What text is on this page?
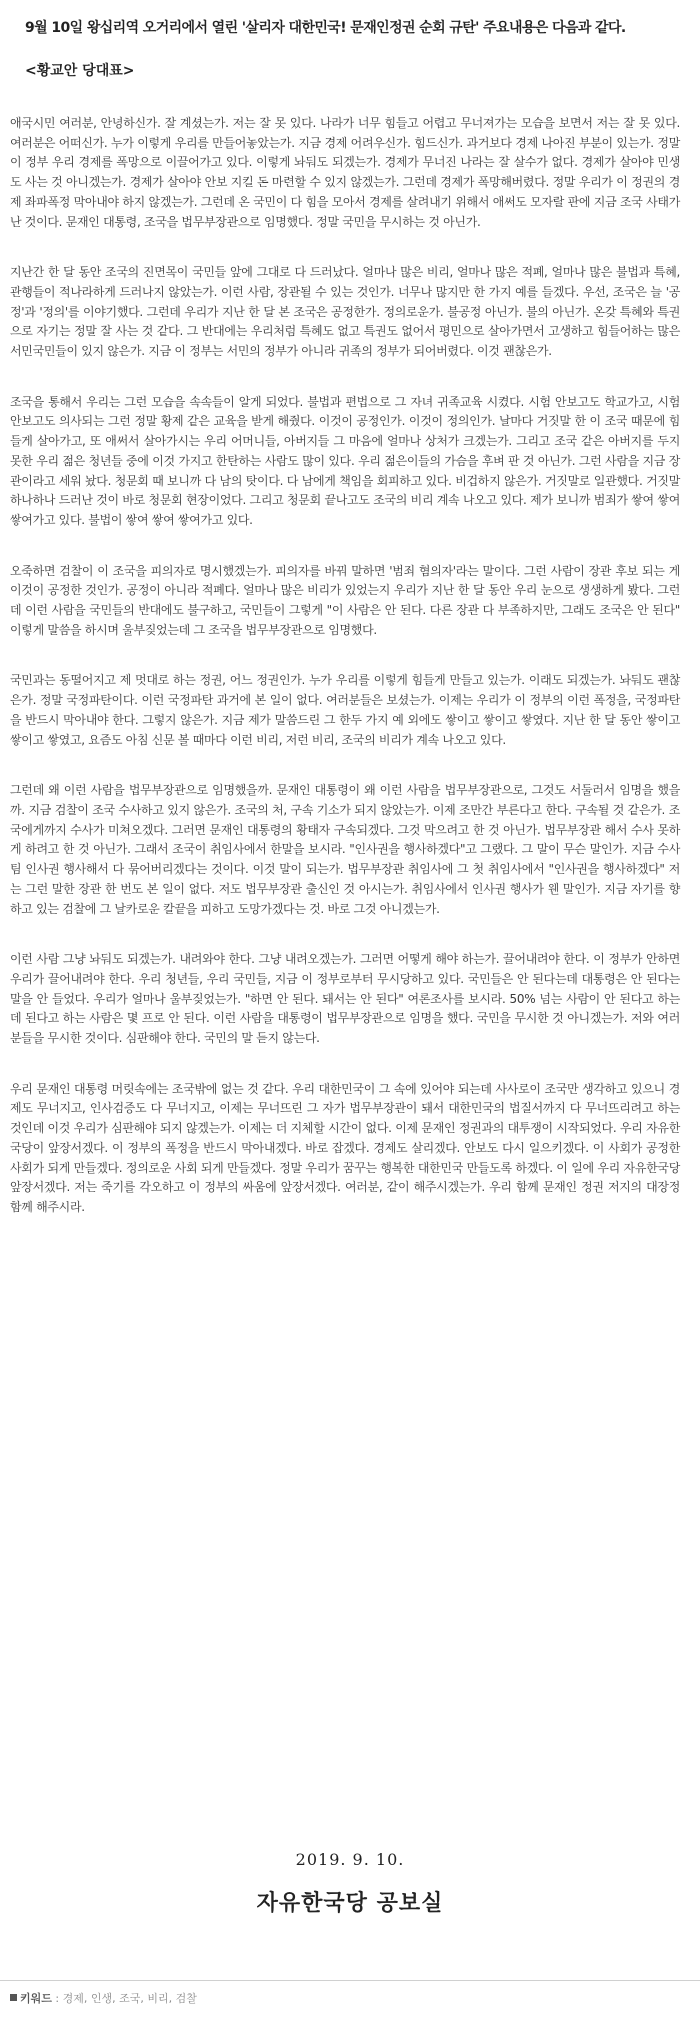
9월 10일 왕십리역 오거리에서 열린 '살리자 대한민국! 문재인정권 순회 규탄' 주요내용은 다음과 같다.
<황교안 당대표>

애국시민 여러분, 안녕하신가. 잘 계셨는가. 저는 잘 못 있다. 나라가 너무 힘들고 어렵고 무너져가는 모습을 보면서 저는 잘 못 있다. 여러분은 어떠신가. 누가 이렇게 우리를 만들어놓았는가. 지금 경제 어려우신가. 힘드신가. 과거보다 경제 나아진 부분이 있는가. 정말 이 정부 우리 경제를 폭망으로 이끌어가고 있다. 이렇게 놔둬도 되겠는가. 경제가 무너진 나라는 잘 살수가 없다. 경제가 살아야 민생도 사는 것 아니겠는가. 경제가 살아야 안보 지킬 돈 마련할 수 있지 않겠는가. 그런데 경제가 폭망해버렸다. 정말 우리가 이 정권의 경제 좌파폭정 막아내야 하지 않겠는가. 그런데 온 국민이 다 힘을 모아서 경제를 살려내기 위해서 애써도 모자랄 판에 지금 조국 사태가 난 것이다. 문재인 대통령, 조국을 법무부장관으로 임명했다. 정말 국민을 무시하는 것 아닌가.

지난간 한 달 동안 조국의 진면목이 국민들 앞에 그대로 다 드러났다. 얼마나 많은 비리, 얼마나 많은 적폐, 얼마나 많은 불법과 특혜, 관행들이 적나라하게 드러나지 않았는가. 이런 사람, 장관될 수 있는 것인가. 너무나 많지만 한 가지 예를 들겠다. 우선, 조국은 늘 '공정'과 '정의'를 이야기했다. 그런데 우리가 지난 한 달 본 조국은 공정한가. 정의로운가. 불공정 아닌가. 불의 아닌가. 온갖 특혜와 특권으로 자기는 정말 잘 사는 것 같다. 그 반대에는 우리처럼 특혜도 없고 특권도 없어서 평민으로 살아가면서 고생하고 힘들어하는 많은 서민국민들이 있지 않은가. 지금 이 정부는 서민의 정부가 아니라 귀족의 정부가 되어버렸다. 이것 괜찮은가.

조국을 통해서 우리는 그런 모습을 속속들이 알게 되었다. 불법과 편법으로 그 자녀 귀족교육 시켰다. 시험 안보고도 학교가고, 시험 안보고도 의사되는 그런 정말 황제 같은 교육을 받게 해줬다. 이것이 공정인가. 이것이 정의인가. 날마다 거짓말 한 이 조국 때문에 힘들게 살아가고, 또 애써서 살아가시는 우리 어머니들, 아버지들 그 마음에 얼마나 상처가 크겠는가. 그리고 조국 같은 아버지를 두지 못한 우리 젊은 청년들 중에 이것 가지고 한탄하는 사람도 많이 있다. 우리 젊은이들의 가슴을 후벼 판 것 아닌가. 그런 사람을 지금 장관이라고 세워 놨다. 청문회 때 보니까 다 남의 탓이다. 다 남에게 책임을 회피하고 있다. 비겁하지 않은가. 거짓말로 일관했다. 거짓말 하나하나 드러난 것이 바로 청문회 현장이었다. 그리고 청문회 끝나고도 조국의 비리 계속 나오고 있다. 제가 보니까 범죄가 쌓여 쌓여 쌓여가고 있다. 불법이 쌓여 쌓여 쌓여가고 있다.

오죽하면 검찰이 이 조국을 피의자로 명시했겠는가. 피의자를 바꿔 말하면 '범죄 혐의자'라는 말이다. 그런 사람이 장관 후보 되는 게 이것이 공정한 것인가. 공정이 아니라 적폐다. 얼마나 많은 비리가 있었는지 우리가 지난 한 달 동안 우리 눈으로 생생하게 봤다. 그런데 이런 사람을 국민들의 반대에도 불구하고, 국민들이 그렇게 "이 사람은 안 된다. 다른 장관 다 부족하지만, 그래도 조국은 안 된다" 이렇게 말씀을 하시며 울부짖었는데 그 조국을 법무부장관으로 임명했다.

국민과는 동떨어지고 제 멋대로 하는 정권, 어느 정권인가. 누가 우리를 이렇게 힘들게 만들고 있는가. 이래도 되겠는가. 놔둬도 괜찮은가. 정말 국정파탄이다. 이런 국정파탄 과거에 본 일이 없다. 여러분들은 보셨는가. 이제는 우리가 이 정부의 이런 폭정을, 국정파탄을 반드시 막아내야 한다. 그렇지 않은가. 지금 제가 말씀드린 그 한두 가지 예 외에도 쌓이고 쌓이고 쌓였다. 지난 한 달 동안 쌓이고 쌓이고 쌓였고, 요즘도 아침 신문 볼 때마다 이런 비리, 저런 비리, 조국의 비리가 계속 나오고 있다.

그런데 왜 이런 사람을 법무부장관으로 임명했을까. 문재인 대통령이 왜 이런 사람을 법무부장관으로, 그것도 서둘러서 임명을 했을까. 지금 검찰이 조국 수사하고 있지 않은가. 조국의 처, 구속 기소가 되지 않았는가. 이제 조만간 부른다고 한다. 구속될 것 같은가. 조국에게까지 수사가 미쳐오겠다. 그러면 문재인 대통령의 황태자 구속되겠다. 그것 막으려고 한 것 아닌가. 법무부장관 해서 수사 못하게 하려고 한 것 아닌가. 그래서 조국이 취임사에서 한말을 보시라. "인사권을 행사하겠다"고 그랬다. 그 말이 무슨 말인가. 지금 수사팀 인사권 행사해서 다 묶어버리겠다는 것이다. 이것 말이 되는가. 법무부장관 취임사에 그 첫 취임사에서 "인사권을 행사하겠다" 저는 그런 말한 장관 한 번도 본 일이 없다. 저도 법무부장관 출신인 것 아시는가. 취임사에서 인사권 행사가 웬 말인가. 지금 자기를 향하고 있는 검찰에 그 날카로운 칼끝을 피하고 도망가겠다는 것. 바로 그것 아니겠는가.

이런 사람 그냥 놔둬도 되겠는가. 내려와야 한다. 그냥 내려오겠는가. 그러면 어떻게 해야 하는가. 끌어내려야 한다. 이 정부가 안하면 우리가 끌어내려야 한다. 우리 청년들, 우리 국민들, 지금 이 정부로부터 무시당하고 있다. 국민들은 안 된다는데 대통령은 안 된다는 말을 안 들었다. 우리가 얼마나 울부짖었는가. "하면 안 된다. 돼서는 안 된다" 여론조사를 보시라. 50% 넘는 사람이 안 된다고 하는데 된다고 하는 사람은 몇 프로 안 된다. 이런 사람을 대통령이 법무부장관으로 임명을 했다. 국민을 무시한 것 아니겠는가. 저와 여러분들을 무시한 것이다. 심판해야 한다. 국민의 말 듣지 않는다.

우리 문재인 대통령 머릿속에는 조국밖에 없는 것 같다. 우리 대한민국이 그 속에 있어야 되는데 사사로이 조국만 생각하고 있으니 경제도 무너지고, 인사검증도 다 무너지고, 이제는 무너뜨린 그 자가 법무부장관이 돼서 대한민국의 법질서까지 다 무너뜨리려고 하는 것인데 이것 우리가 심판해야 되지 않겠는가. 이제는 더 지체할 시간이 없다. 이제 문재인 정권과의 대투쟁이 시작되었다. 우리 자유한국당이 앞장서겠다. 이 정부의 폭정을 반드시 막아내겠다. 바로 잡겠다. 경제도 살리겠다. 안보도 다시 일으키겠다. 이 사회가 공정한 사회가 되게 만들겠다. 정의로운 사회 되게 만들겠다. 정말 우리가 꿈꾸는 행복한 대한민국 만들도록 하겠다. 이 일에 우리 자유한국당 앞장서겠다. 저는 죽기를 각오하고 이 정부의 싸움에 앞장서겠다. 여러분, 같이 해주시겠는가. 우리 함께 문재인 정권 저지의 대장정 함께 해주시라.

2019. 9. 10.
자유한국당 공보실
키워드 : 경제, 인생, 조국, 비리, 검찰
